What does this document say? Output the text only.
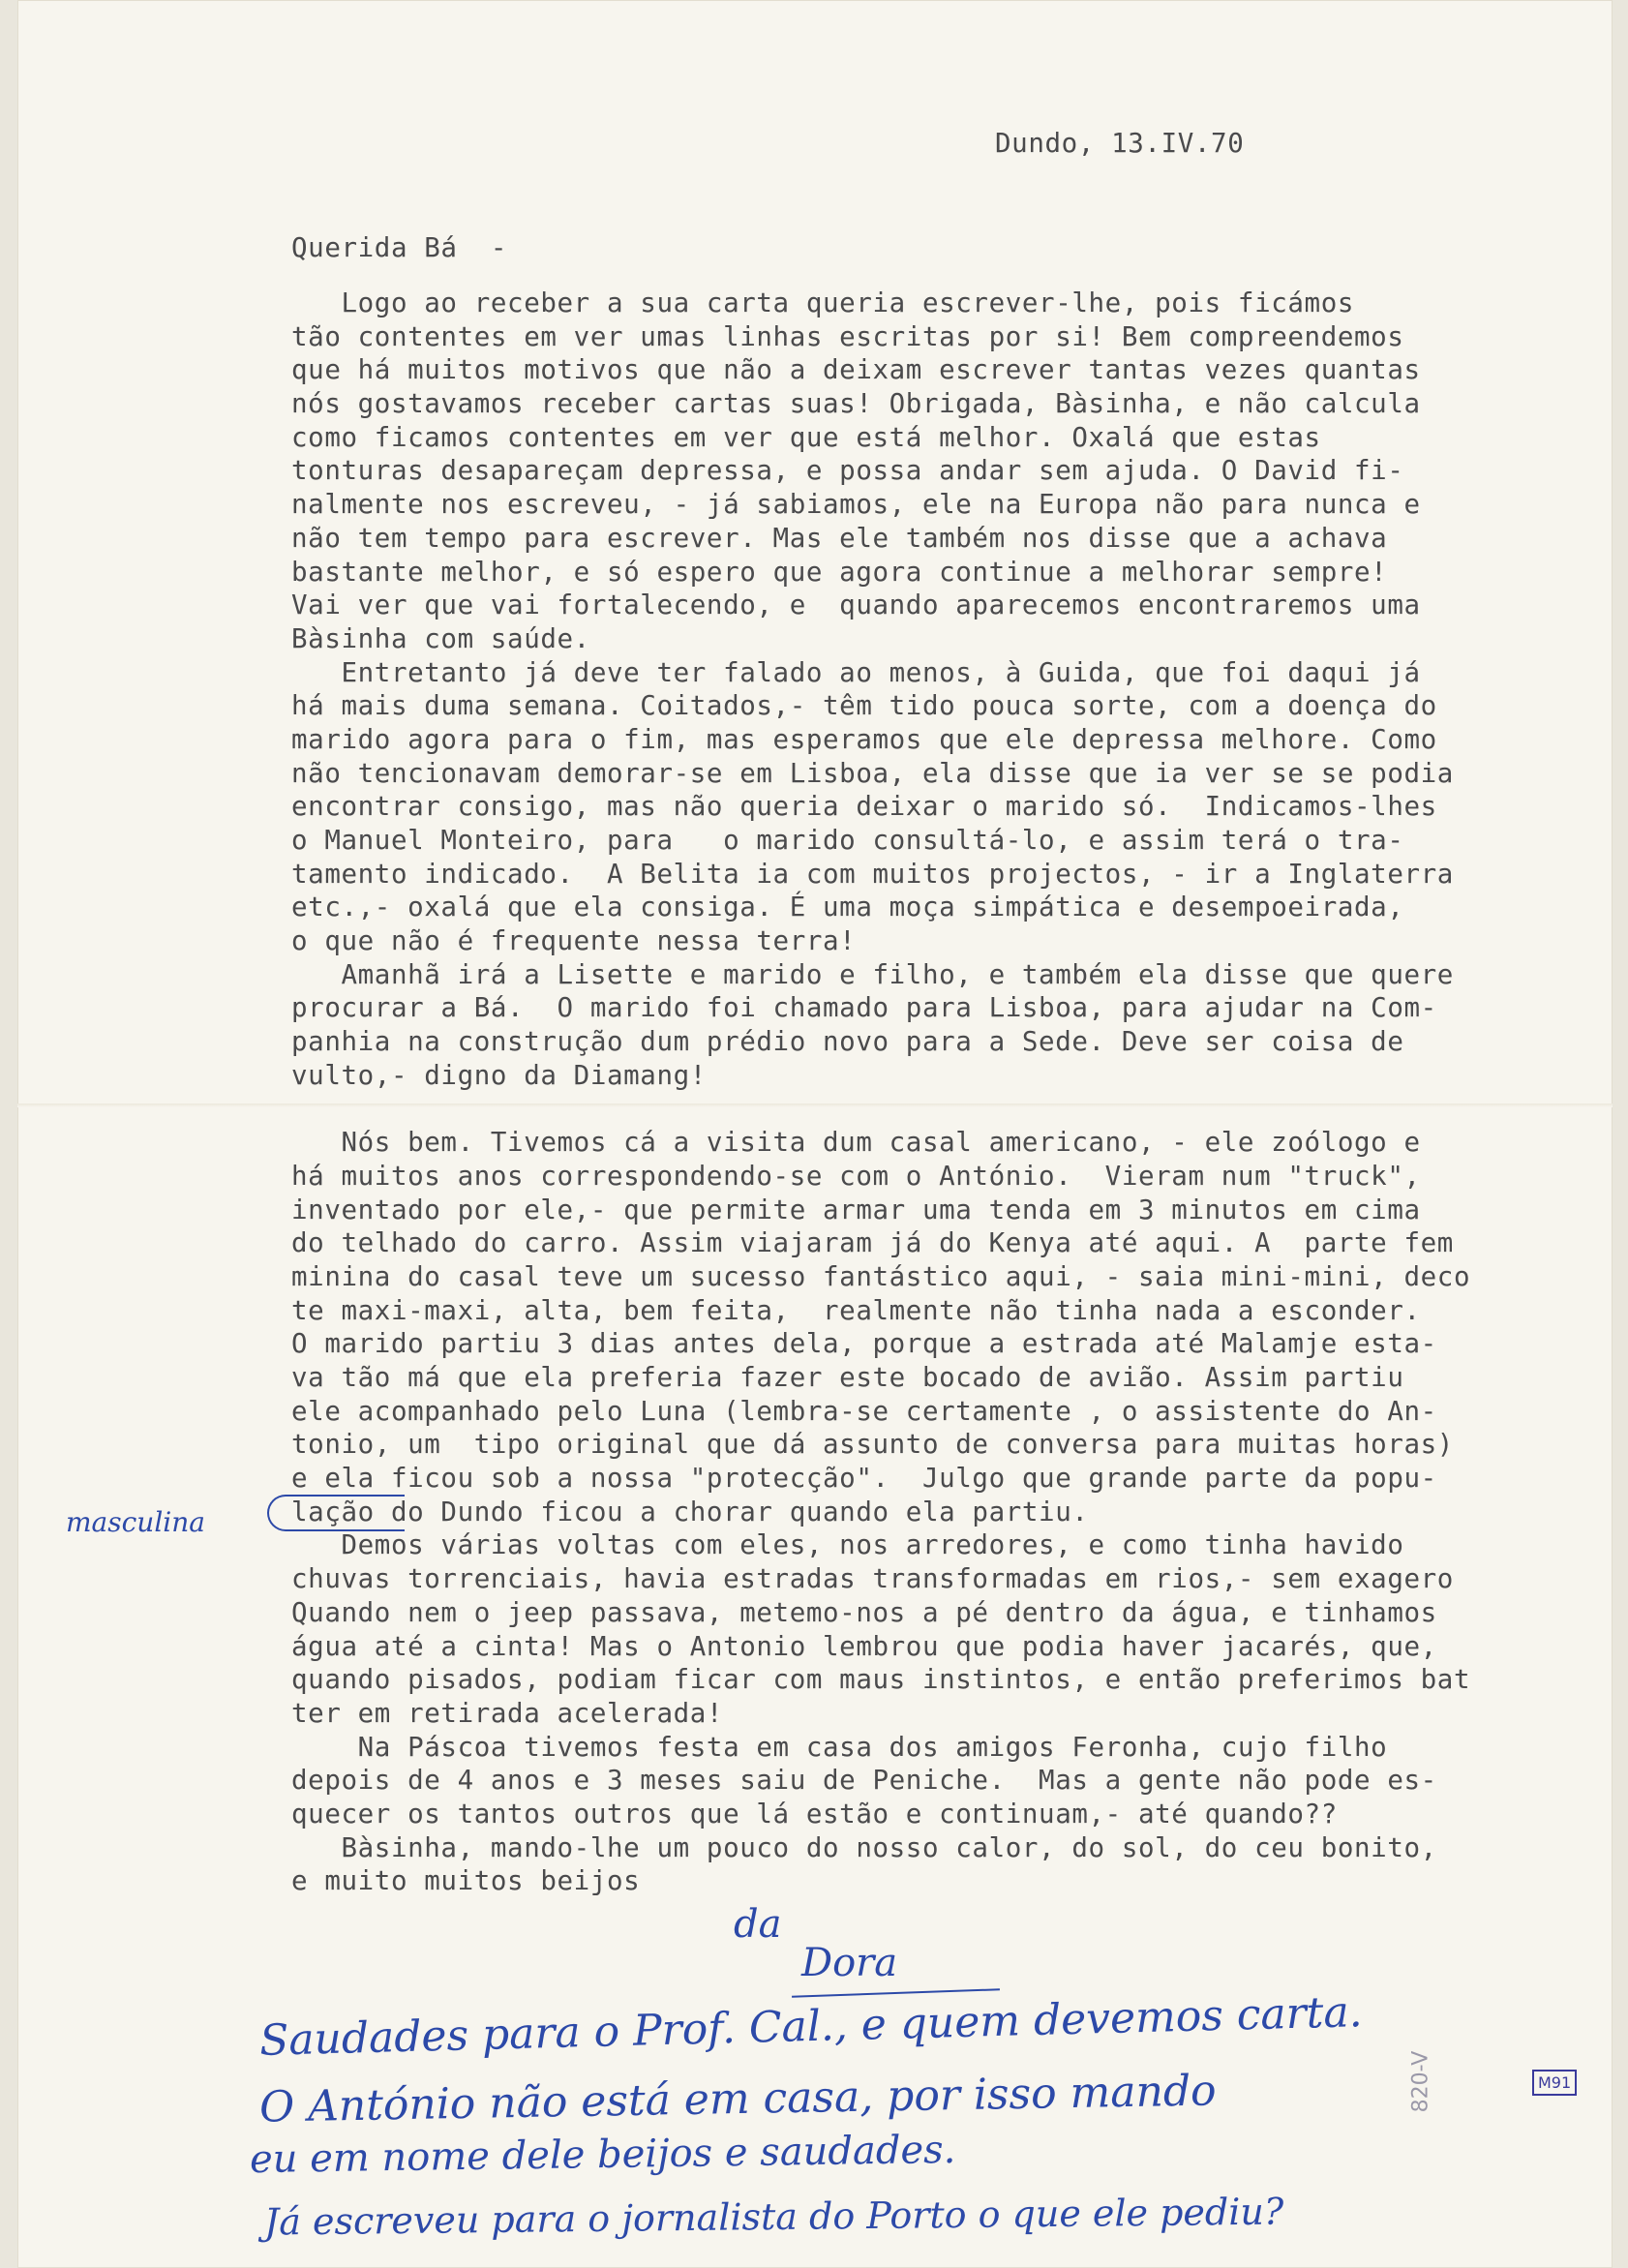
Dundo, 13.IV.70
Querida Bá  -
Logo ao receber a sua carta queria escrever-lhe, pois ficámos
tão contentes em ver umas linhas escritas por si! Bem compreendemos
que há muitos motivos que não a deixam escrever tantas vezes quantas
nós gostavamos receber cartas suas! Obrigada, Bàsinha, e não calcula
como ficamos contentes em ver que está melhor. Oxalá que estas
tonturas desapareçam depressa, e possa andar sem ajuda. O David fi-
nalmente nos escreveu, - já sabiamos, ele na Europa não para nunca e
não tem tempo para escrever. Mas ele também nos disse que a achava
bastante melhor, e só espero que agora continue a melhorar sempre!
Vai ver que vai fortalecendo, e  quando aparecemos encontraremos uma
Bàsinha com saúde.
Entretanto já deve ter falado ao menos, à Guida, que foi daqui já
há mais duma semana. Coitados,- têm tido pouca sorte, com a doença do
marido agora para o fim, mas esperamos que ele depressa melhore. Como
não tencionavam demorar-se em Lisboa, ela disse que ia ver se se podia
encontrar consigo, mas não queria deixar o marido só.  Indicamos-lhes
o Manuel Monteiro, para   o marido consultá-lo, e assim terá o tra-
tamento indicado.  A Belita ia com muitos projectos, - ir a Inglaterra
etc.,- oxalá que ela consiga. É uma moça simpática e desempoeirada,
o que não é frequente nessa terra!
Amanhã irá a Lisette e marido e filho, e também ela disse que quere
procurar a Bá.  O marido foi chamado para Lisboa, para ajudar na Com-
panhia na construção dum prédio novo para a Sede. Deve ser coisa de
vulto,- digno da Diamang!
Nós bem. Tivemos cá a visita dum casal americano, - ele zoólogo e
há muitos anos correspondendo-se com o António.  Vieram num "truck",
inventado por ele,- que permite armar uma tenda em 3 minutos em cima
do telhado do carro. Assim viajaram já do Kenya até aqui. A  parte fem
minina do casal teve um sucesso fantástico aqui, - saia mini-mini, deco
te maxi-maxi, alta, bem feita,  realmente não tinha nada a esconder.
O marido partiu 3 dias antes dela, porque a estrada até Malamje esta-
va tão má que ela preferia fazer este bocado de avião. Assim partiu
ele acompanhado pelo Luna (lembra-se certamente , o assistente do An-
tonio, um  tipo original que dá assunto de conversa para muitas horas)
e ela ficou sob a nossa "protecção".  Julgo que grande parte da popu-
lação do Dundo ficou a chorar quando ela partiu.
Demos várias voltas com eles, nos arredores, e como tinha havido
chuvas torrenciais, havia estradas transformadas em rios,- sem exagero
Quando nem o jeep passava, metemo-nos a pé dentro da água, e tinhamos
água até a cinta! Mas o Antonio lembrou que podia haver jacarés, que,
quando pisados, podiam ficar com maus instintos, e então preferimos bat
ter em retirada acelerada!
Na Páscoa tivemos festa em casa dos amigos Feronha, cujo filho
depois de 4 anos e 3 meses saiu de Peniche.  Mas a gente não pode es-
quecer os tantos outros que lá estão e continuam,- até quando??
Bàsinha, mando-lhe um pouco do nosso calor, do sol, do ceu bonito,
e muito muitos beijos
masculina
da
Dora
Saudades para o Prof. Cal., e quem devemos carta.
O António não está em casa, por isso mando
eu em nome dele beijos e saudades.
Já escreveu para o jornalista do Porto o que ele pediu?
820-V	M91
